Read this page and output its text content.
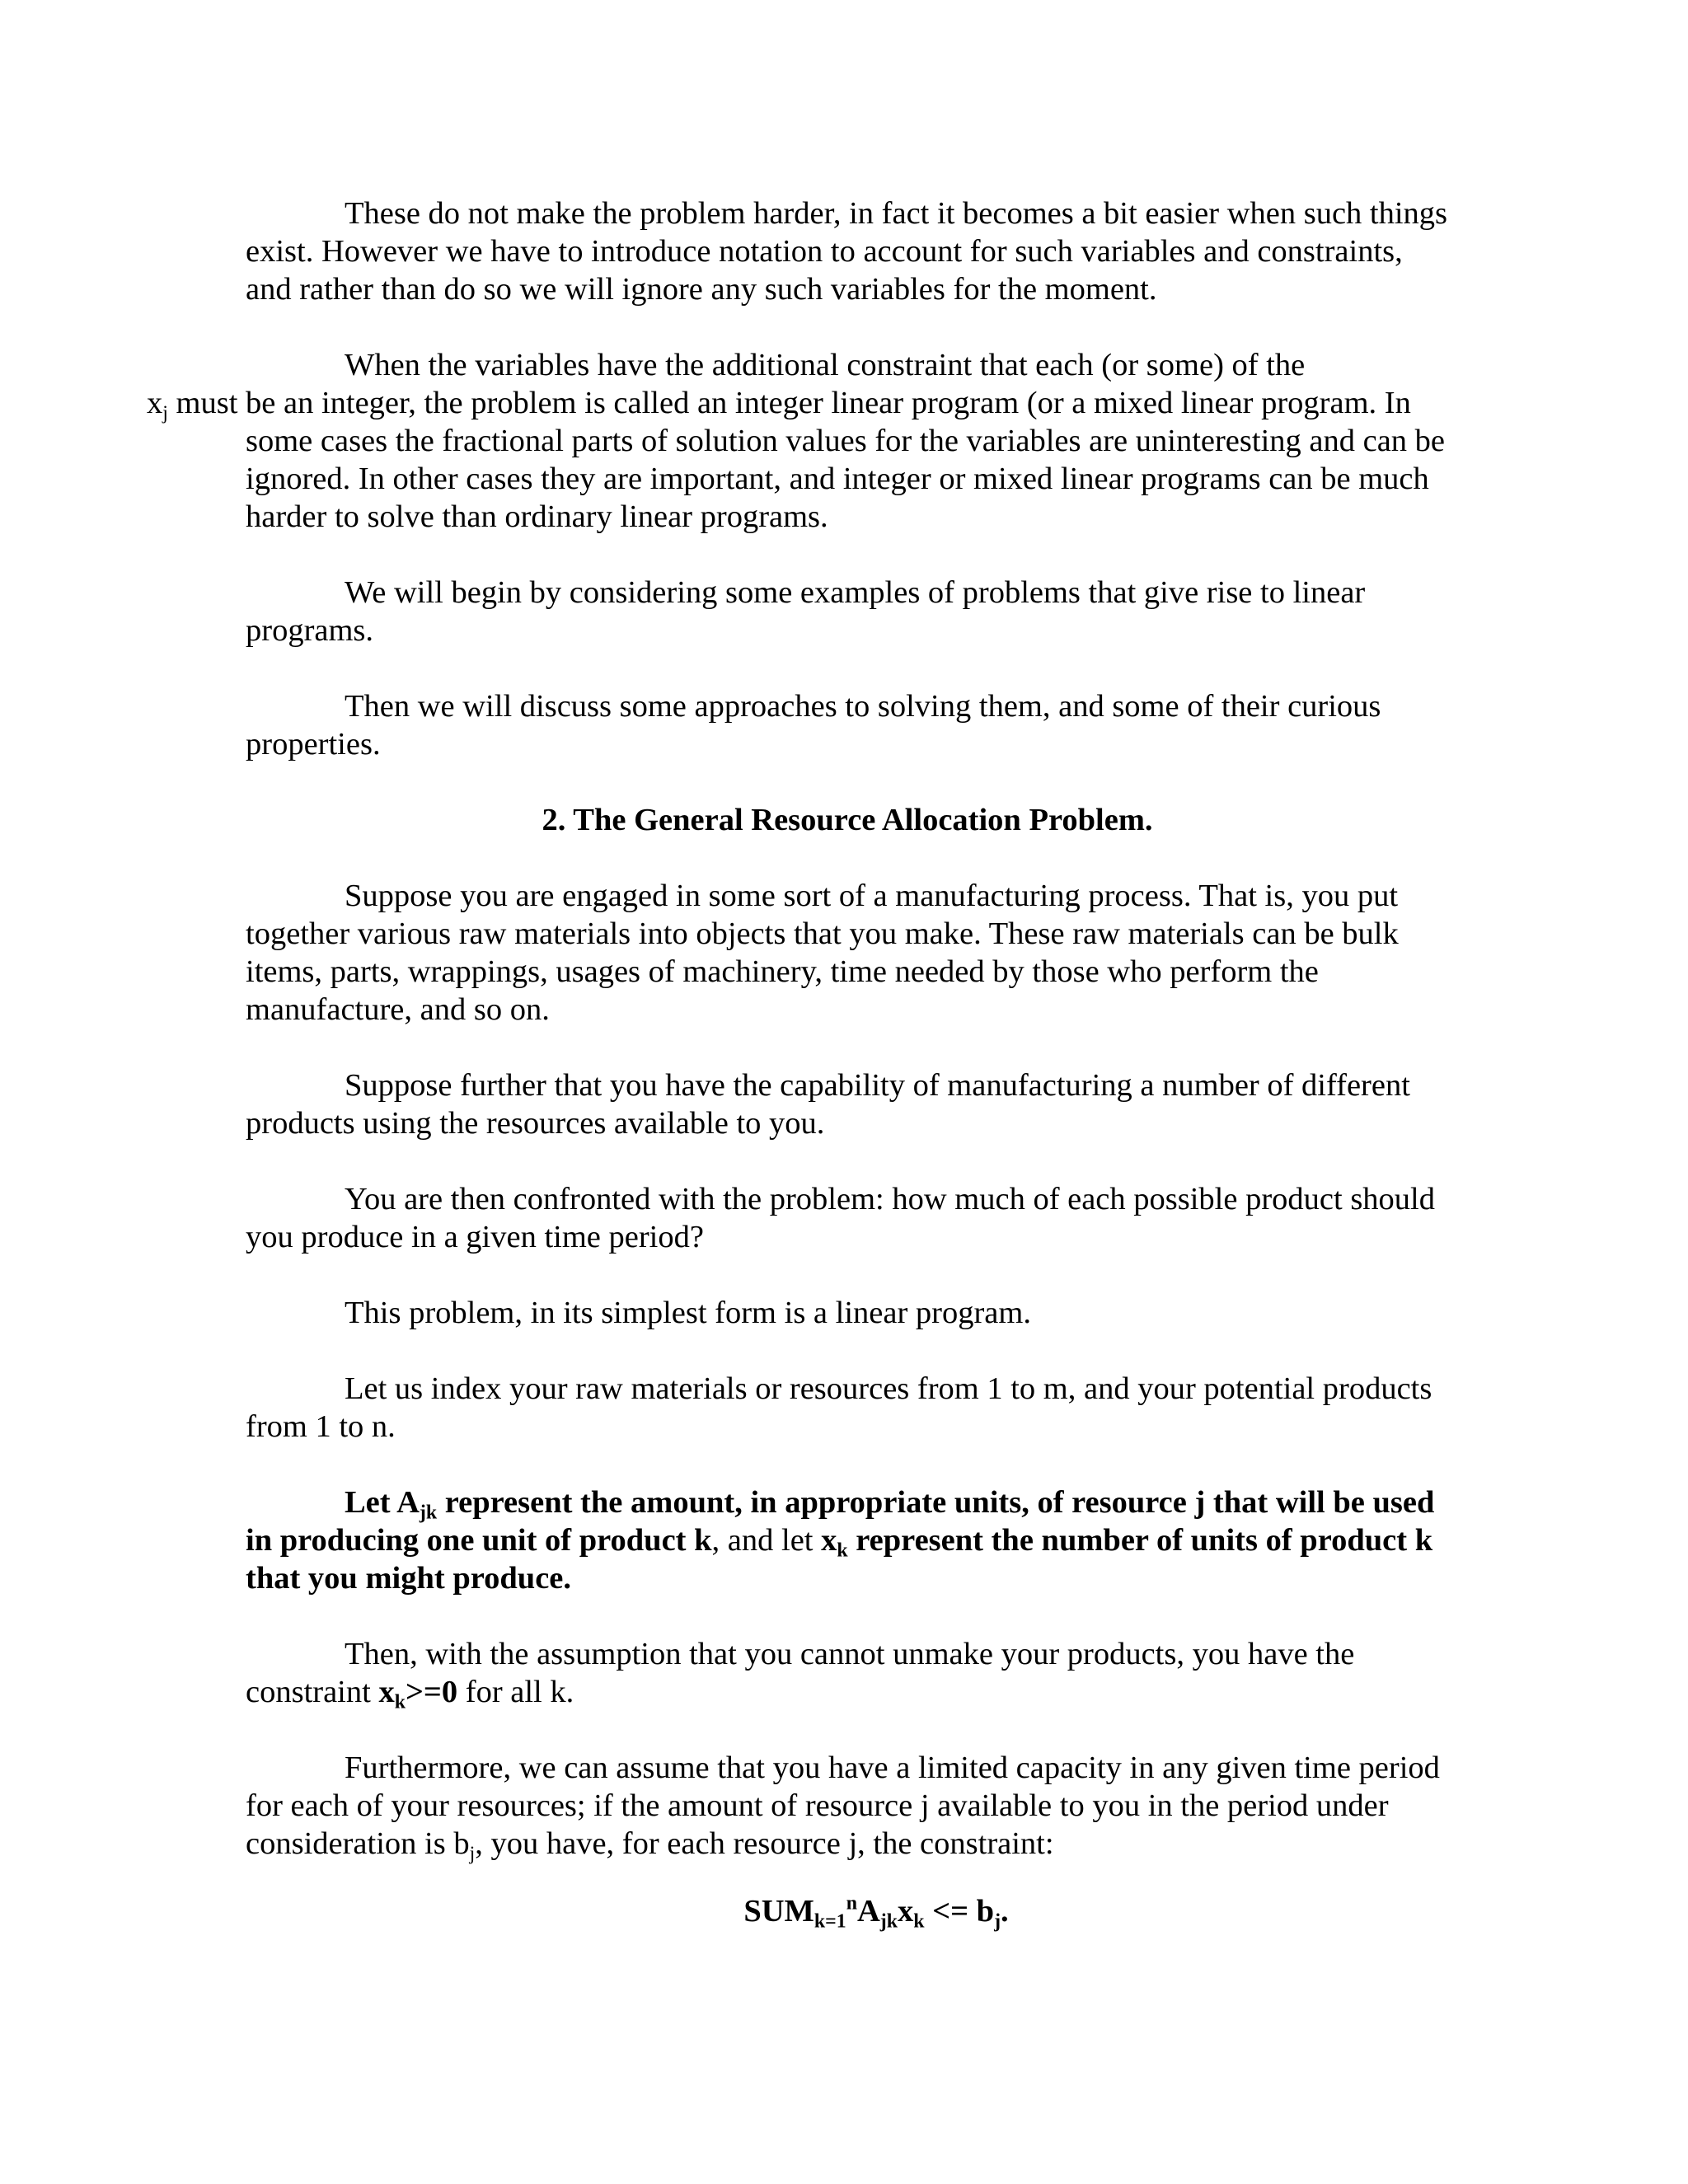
These do not make the problem harder, in fact it becomes a bit easier when such things exist. However we have to introduce notation to account for such variables and constraints, and rather than do so we will ignore any such variables for the moment.

When the variables have the additional constraint that each (or some) of the
$x_j$ must be an integer, the problem is called an integer linear program (or a mixed linear program. In some cases the fractional parts of solution values for the variables are uninteresting and can be ignored. In other cases they are important, and integer or mixed linear programs can be much harder to solve than ordinary linear programs.

We will begin by considering some examples of problems that give rise to linear programs.

Then we will discuss some approaches to solving them, and some of their curious properties.

2. The General Resource Allocation Problem.

Suppose you are engaged in some sort of a manufacturing process. That is, you put together various raw materials into objects that you make. These raw materials can be bulk items, parts, wrappings, usages of machinery, time needed by those who perform the manufacture, and so on.

Suppose further that you have the capability of manufacturing a number of different products using the resources available to you.

You are then confronted with the problem: how much of each possible product should you produce in a given time period?

This problem, in its simplest form is a linear program.

Let us index your raw materials or resources from 1 to m, and your potential products from 1 to n.

Let $A_{jk}$ represent the amount, in appropriate units, of resource j that will be used in producing one unit of product k, and let $x_k$ represent the number of units of product k that you might produce.

Then, with the assumption that you cannot unmake your products, you have the constraint $x_k>=0$ for all k.

Furthermore, we can assume that you have a limited capacity in any given time period for each of your resources; if the amount of resource j available to you in the period under consideration is $b_j$, you have, for each resource j, the constraint:

$SUM_{k=1}^nA_{jk}x_k <= b_j$.
